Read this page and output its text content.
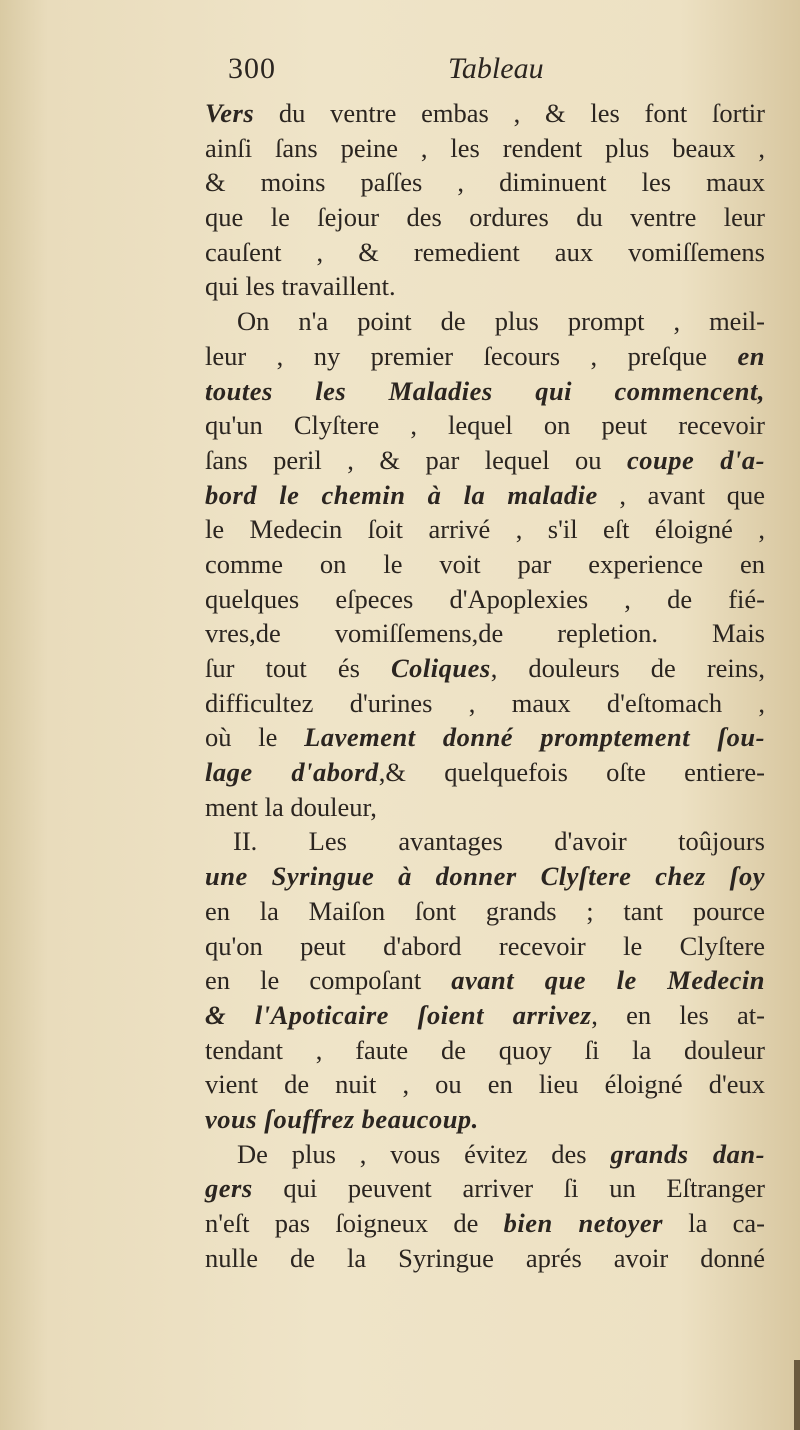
300	Tableau
Vers du ventre embas , & les font ſortir
ainſi ſans peine , les rendent plus beaux ,
& moins paſſes , diminuent les maux
que le ſejour des ordures du ventre leur
cauſent , & remedient aux vomiſſemens
qui les travaillent.
On n'a point de plus prompt , meil-
leur , ny premier ſecours , preſque en
toutes les Maladies qui commencent,
qu'un Clyſtere , lequel on peut recevoir
ſans peril , & par lequel ou coupe d'a-
bord le chemin à la maladie , avant que
le Medecin ſoit arrivé , s'il eſt éloigné ,
comme on le voit par experience en
quelques eſpeces d'Apoplexies , de fié-
vres,de vomiſſemens,de repletion. Mais
ſur tout és Coliques, douleurs de reins,
difficultez d'urines , maux d'eſtomach ,
où le Lavement donné promptement ſou-
lage d'abord,& quelquefois oſte entiere-
ment la douleur,
II. Les avantages d'avoir toûjours
une Syringue à donner Clyſtere chez ſoy
en la Maiſon ſont grands ; tant pource
qu'on peut d'abord recevoir le Clyſtere
en le compoſant avant que le Medecin
& l'Apoticaire ſoient arrivez, en les at-
tendant , faute de quoy ſi la douleur
vient de nuit , ou en lieu éloigné d'eux
vous ſouffrez beaucoup.
De plus , vous évitez des grands dan-
gers qui peuvent arriver ſi un Eſtranger
n'eſt pas ſoigneux de bien netoyer la ca-
nulle de la Syringue aprés avoir donné
